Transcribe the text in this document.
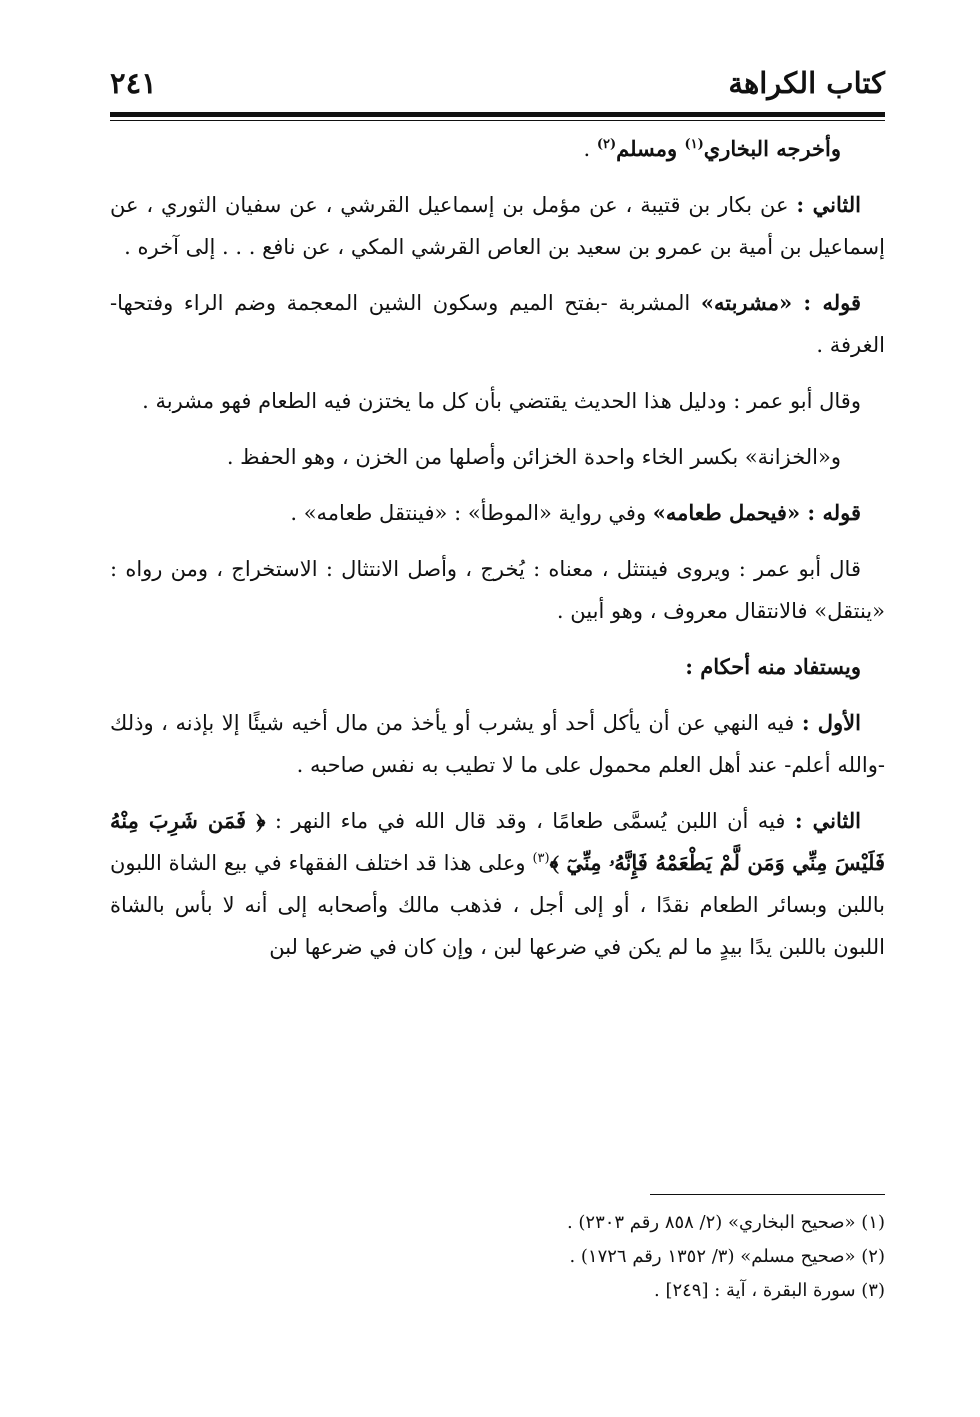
كتاب الكراهة
٢٤١

وأخرجه البخاري$^{(١)}$ ومسلم$^{(٢)}$ .

الثاني : عن بكار بن قتيبة ، عن مؤمل بن إسماعيل القرشي ، عن سفيان الثوري ، عن إسماعيل بن أمية بن عمرو بن سعيد بن العاص القرشي المكي ، عن نافع . . . إلى آخره .

قوله : «مشربته» المشربة -بفتح الميم وسكون الشين المعجمة وضم الراء وفتحها- الغرفة .

وقال أبو عمر : ودليل هذا الحديث يقتضي بأن كل ما يختزن فيه الطعام فهو مشربة .

و«الخزانة» بكسر الخاء واحدة الخزائن وأصلها من الخزن ، وهو الحفظ .

قوله : «فيحمل طعامه» وفي رواية «الموطأ» : «فينتقل طعامه» .

قال أبو عمر : ويروى فينتثل ، معناه : يُخرج ، وأصل الانتثال : الاستخراج ، ومن رواه : «ينتقل» فالانتقال معروف ، وهو أبين .

ويستفاد منه أحكام :

الأول : فيه النهي عن أن يأكل أحد أو يشرب أو يأخذ من مال أخيه شيئًا إلا بإذنه ، وذلك -والله أعلم- عند أهل العلم محمول على ما لا تطيب به نفس صاحبه .

الثاني : فيه أن اللبن يُسمَّى طعامًا ، وقد قال الله في ماء النهر : ﴿ فَمَن شَرِبَ مِنْهُ فَلَيْسَ مِنِّي وَمَن لَّمْ يَطْعَمْهُ فَإِنَّهُۥ مِنِّيٓ ﴾$^{(٣)}$ وعلى هذا قد اختلف الفقهاء في بيع الشاة اللبون باللبن وبسائر الطعام نقدًا ، أو إلى أجل ، فذهب مالك وأصحابه إلى أنه لا بأس بالشاة اللبون باللبن يدًا بيدٍ ما لم يكن في ضرعها لبن ، وإن كان في ضرعها لبن

(١) «صحيح البخاري» (٢/ ٨٥٨ رقم ٢٣٠٣) .

(٢) «صحيح مسلم» (٣/ ١٣٥٢ رقم ١٧٢٦) .

(٣) سورة البقرة ، آية : [٢٤٩] .
